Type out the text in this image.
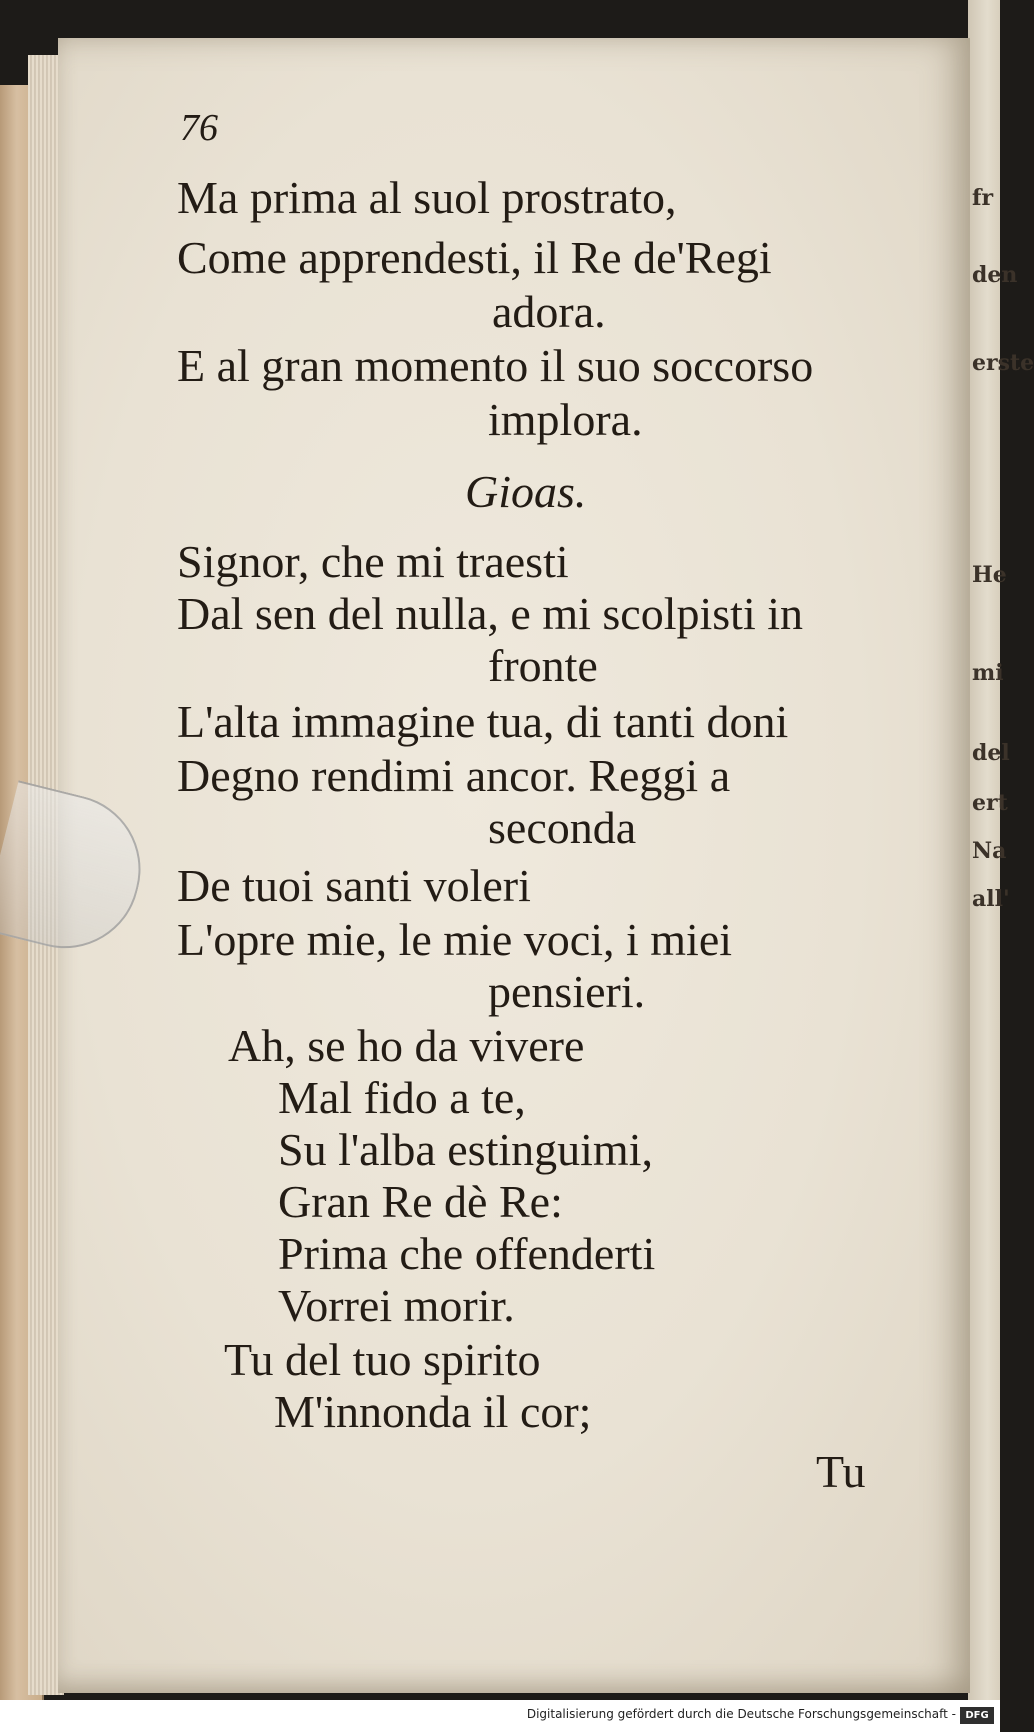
fr
den
erste
He
mi
del
ert
Na
all'
76
Ma prima al suol prostrato,
Come apprendesti, il Re de'Regi
adora.
E al gran momento il suo soccorso
implora.
Gioas.
Signor, che mi traesti
Dal sen del nulla, e mi scolpisti in
fronte
L'alta immagine tua, di tanti doni
Degno rendimi ancor. Reggi a
seconda
De tuoi santi voleri
L'opre mie, le mie voci, i miei
pensieri.
Ah, se ho da vivere
Mal fido a te,
Su l'alba estinguimi,
Gran Re dè Re:
Prima che offenderti
Vorrei morir.
Tu del tuo spirito
M'innonda il cor;
Tu
Digitalisierung gefördert durch die Deutsche Forschungsgemeinschaft - DFG
